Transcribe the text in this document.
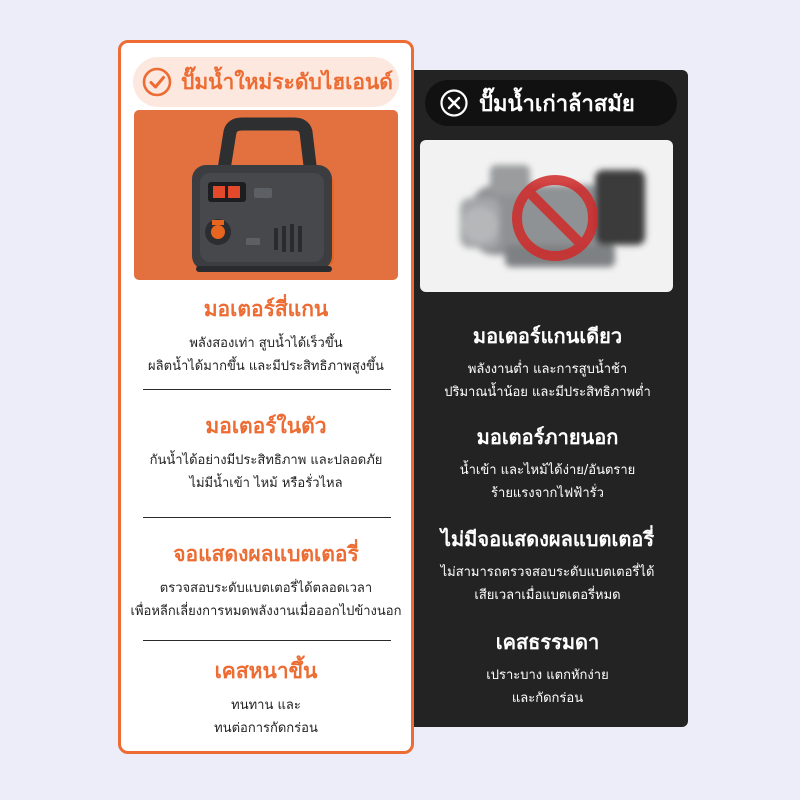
ปั๊มน้ำเก่าล้าสมัย
มอเตอร์แกนเดียว
พลังงานต่ำ และการสูบน้ำช้า
ปริมาณน้ำน้อย และมีประสิทธิภาพต่ำ
มอเตอร์ภายนอก
น้ำเข้า และไหม้ได้ง่าย/อันตราย
ร้ายแรงจากไฟฟ้ารั่ว
ไม่มีจอแสดงผลแบตเตอรี่
ไม่สามารถตรวจสอบระดับแบตเตอรี่ได้
เสียเวลาเมื่อแบตเตอรี่หมด
เคสธรรมดา
เปราะบาง แตกหักง่าย
และกัดกร่อน
ปั๊มน้ำใหม่ระดับไฮเอนด์
มอเตอร์สี่แกน
พลังสองเท่า สูบน้ำได้เร็วขึ้น
ผลิตน้ำได้มากขึ้น และมีประสิทธิภาพสูงขึ้น
มอเตอร์ในตัว
กันน้ำได้อย่างมีประสิทธิภาพ และปลอดภัย
ไม่มีน้ำเข้า ไหม้ หรือรั่วไหล
จอแสดงผลแบตเตอรี่
ตรวจสอบระดับแบตเตอรี่ได้ตลอดเวลา
เพื่อหลีกเลี่ยงการหมดพลังงานเมื่อออกไปข้างนอก
เคสหนาขึ้น
ทนทาน และ
ทนต่อการกัดกร่อน
